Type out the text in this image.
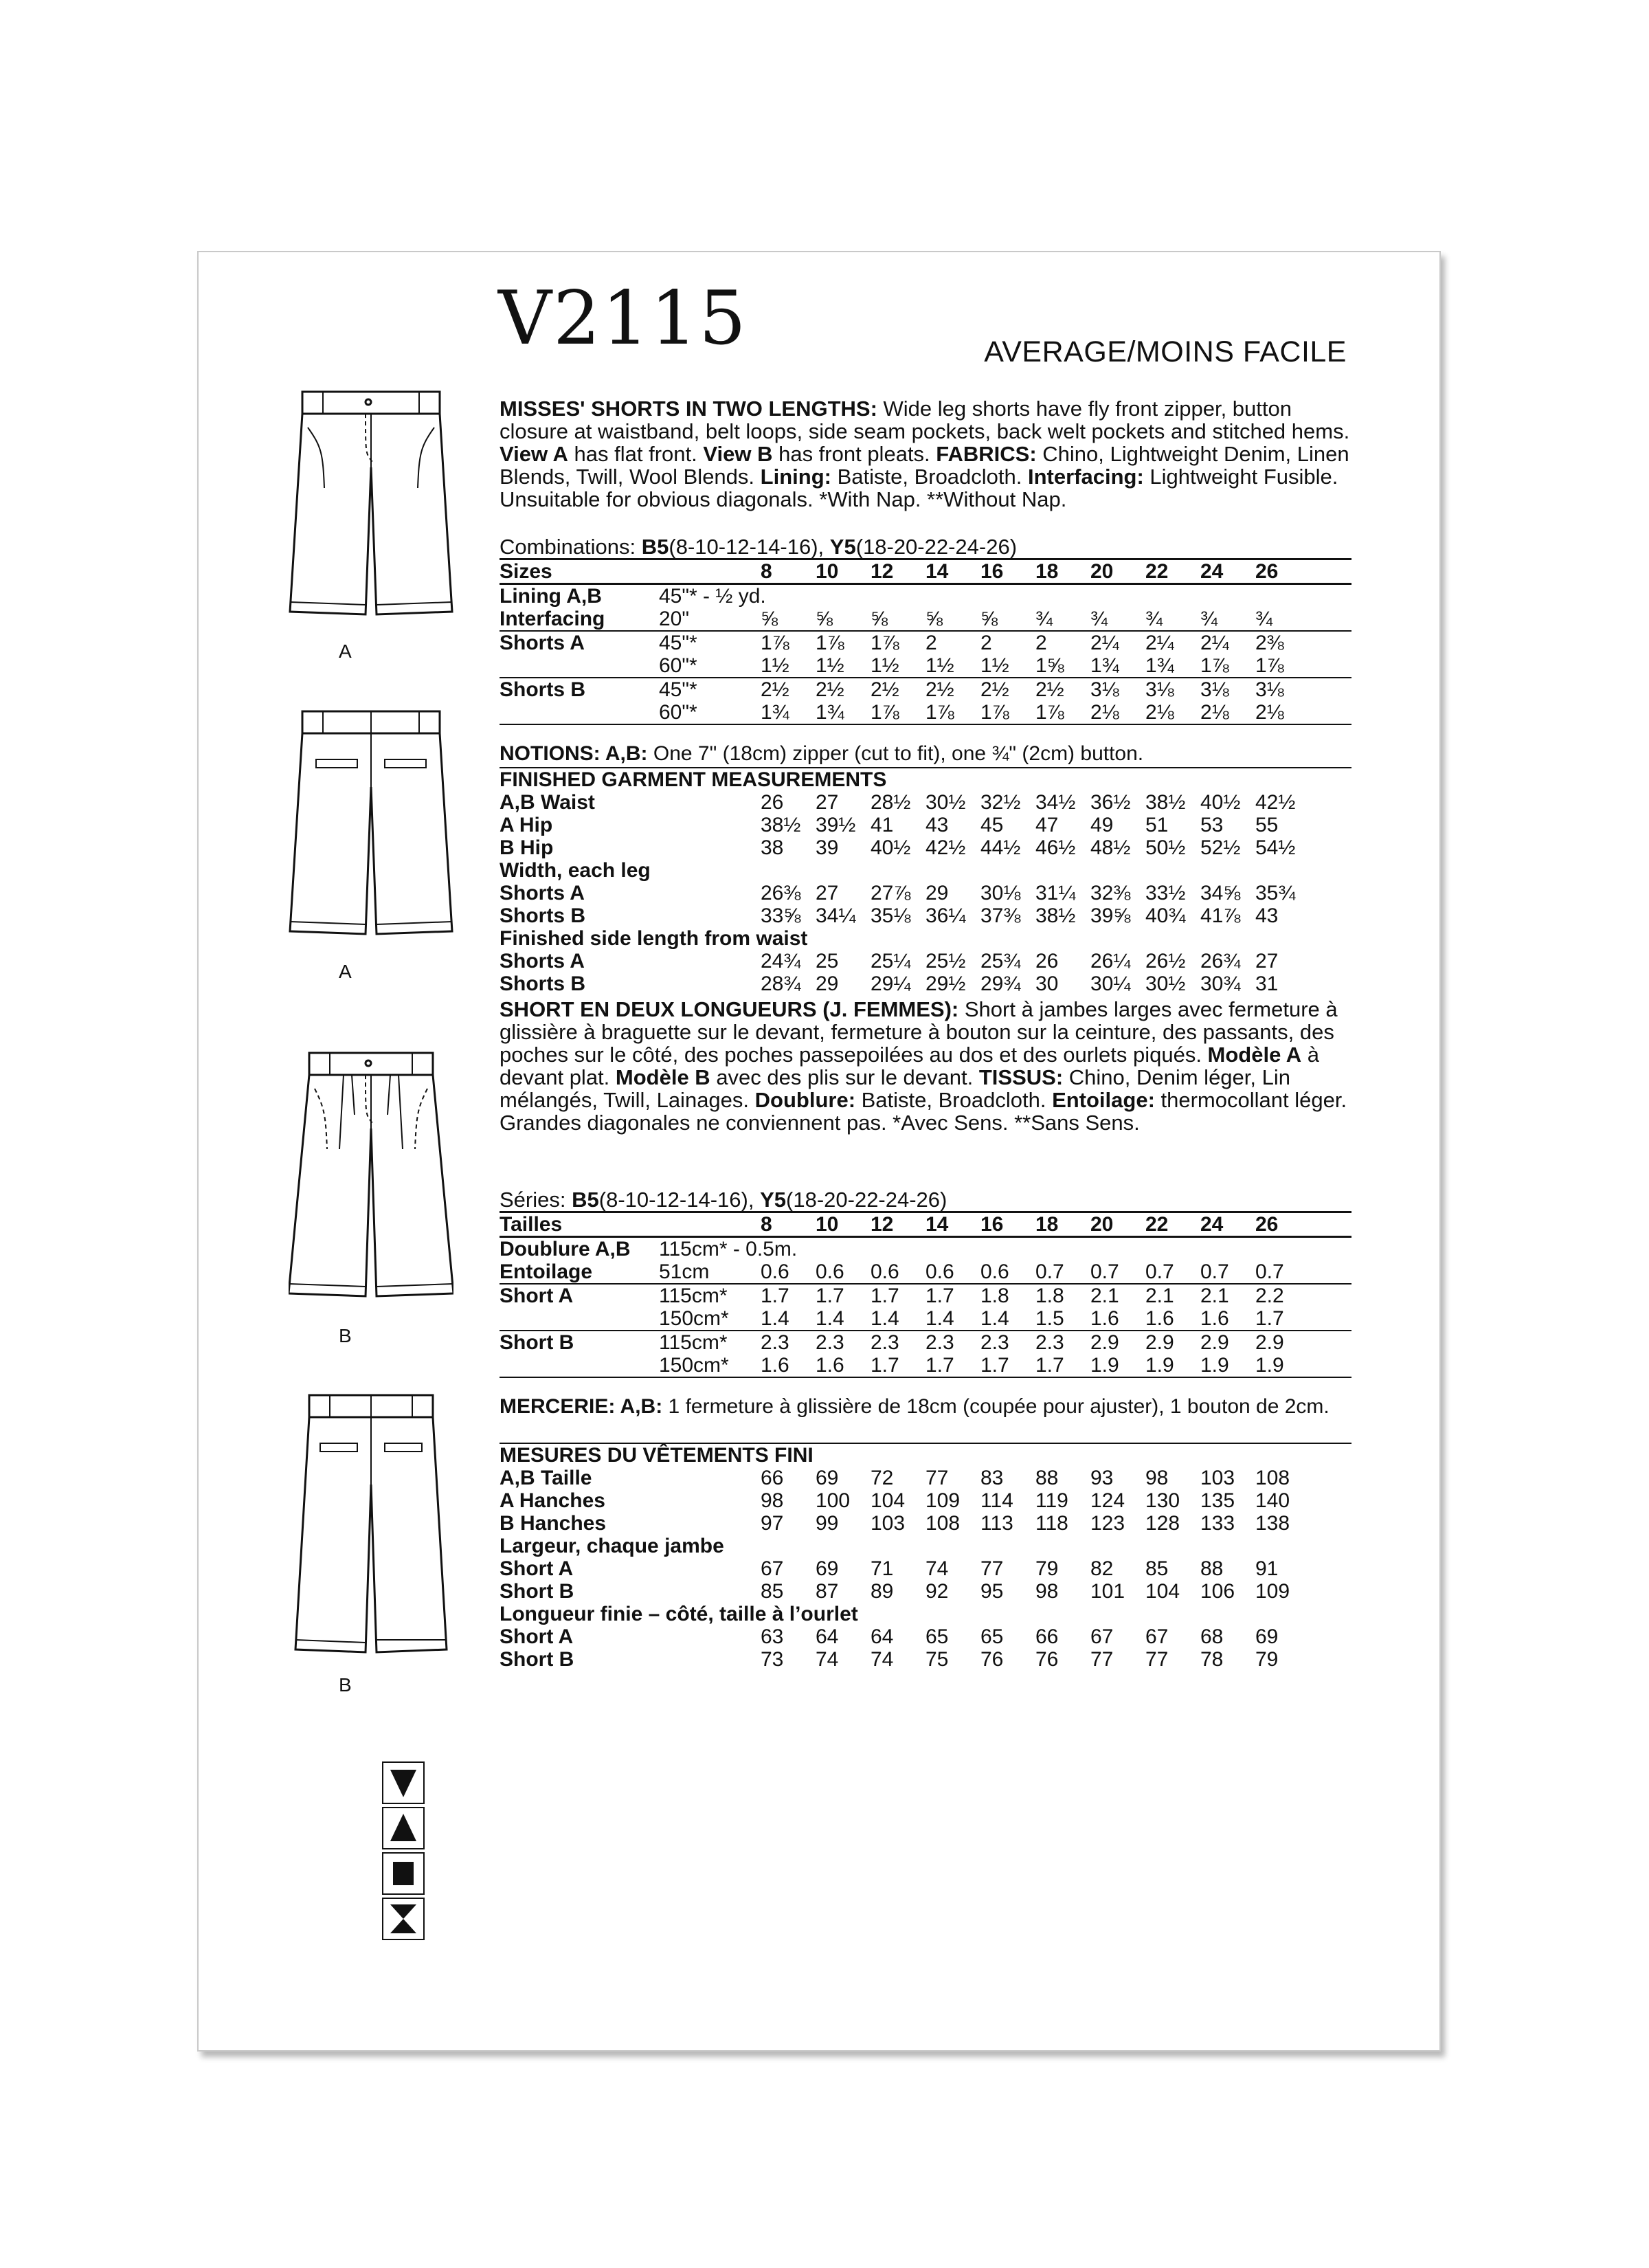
V2115	AVERAGE/MOINS FACILE
MISSES' SHORTS IN TWO LENGTHS: Wide leg shorts have fly front zipper, button closure at waistband, belt loops, side seam pockets, back welt pockets and stitched hems. View A has flat front. View B has front pleats. FABRICS: Chino, Lightweight Denim, Linen Blends, Twill, Wool Blends. Lining: Batiste, Broadcloth. Interfacing: Lightweight Fusible. Unsuitable for obvious diagonals. *With Nap. **Without Nap.
Combinations: B5(8-10-12-14-16), Y5(18-20-22-24-26)
Sizes	8 10 12 14 16 18 20 22 24 26
Lining A,B	45"* - ½ yd.
Interfacing	20"	⅝ ⅝ ⅝ ⅝ ⅝ ¾ ¾ ¾ ¾ ¾
Shorts A	45"*	1⅞ 1⅞ 1⅞ 2 2 2 2¼ 2¼ 2¼ 2⅜
60"*	1½ 1½ 1½ 1½ 1½ 1⅝ 1¾ 1¾ 1⅞ 1⅞
Shorts B	45"*	2½ 2½ 2½ 2½ 2½ 2½ 3⅛ 3⅛ 3⅛ 3⅛
60"*	1¾ 1¾ 1⅞ 1⅞ 1⅞ 1⅞ 2⅛ 2⅛ 2⅛ 2⅛
NOTIONS: A,B: One 7" (18cm) zipper (cut to fit), one ¾" (2cm) button.
FINISHED GARMENT MEASUREMENTS
A,B Waist	26 27 28½ 30½ 32½ 34½ 36½ 38½ 40½ 42½
A Hip	38½ 39½ 41 43 45 47 49 51 53 55
B Hip	38 39 40½ 42½ 44½ 46½ 48½ 50½ 52½ 54½
Width, each leg
Shorts A	26⅜ 27 27⅞ 29 30⅛ 31¼ 32⅜ 33½ 34⅝ 35¾
Shorts B	33⅝ 34¼ 35⅛ 36¼ 37⅜ 38½ 39⅝ 40¾ 41⅞ 43
Finished side length from waist
Shorts A	24¾ 25 25¼ 25½ 25¾ 26 26¼ 26½ 26¾ 27
Shorts B	28¾ 29 29¼ 29½ 29¾ 30 30¼ 30½ 30¾ 31
SHORT EN DEUX LONGUEURS (J. FEMMES): Short à jambes larges avec fermeture à glissière à braguette sur le devant, fermeture à bouton sur la ceinture, des passants, des poches sur le côté, des poches passepoilées au dos et des ourlets piqués. Modèle A à devant plat. Modèle B avec des plis sur le devant. TISSUS: Chino, Denim léger, Lin mélangés, Twill, Lainages. Doublure: Batiste, Broadcloth. Entoilage: thermocollant léger. Grandes diagonales ne conviennent pas. *Avec Sens. **Sans Sens.
Séries: B5(8-10-12-14-16), Y5(18-20-22-24-26)
Tailles	8 10 12 14 16 18 20 22 24 26
Doublure A,B 115cm* - 0.5m.
Entoilage	51cm 0.6 0.6 0.6 0.6 0.6 0.7 0.7 0.7 0.7 0.7
Short A	115cm* 1.7 1.7 1.7 1.7 1.8 1.8 2.1 2.1 2.1 2.2
150cm* 1.4 1.4 1.4 1.4 1.4 1.5 1.6 1.6 1.6 1.7
Short B	115cm* 2.3 2.3 2.3 2.3 2.3 2.3 2.9 2.9 2.9 2.9
150cm* 1.6 1.6 1.7 1.7 1.7 1.7 1.9 1.9 1.9 1.9
MERCERIE: A,B: 1 fermeture à glissière de 18cm (coupée pour ajuster), 1 bouton de 2cm.
MESURES DU VÊTEMENTS FINI
A,B Taille	66 69 72 77 83 88 93 98 103 108
A Hanches	98 100 104 109 114 119 124 130 135 140
B Hanches	97 99 103 108 113 118 123 128 133 138
Largeur, chaque jambe
Short A	67 69 71 74 77 79 82 85 88 91
Short B	85 87 89 92 95 98 101 104 106 109
Longueur finie – côté, taille à l’ourlet
Short A	63 64 64 65 65 66 67 67 68 69
Short B	73 74 74 75 76 76 77 77 78 79
A
A
B
B
